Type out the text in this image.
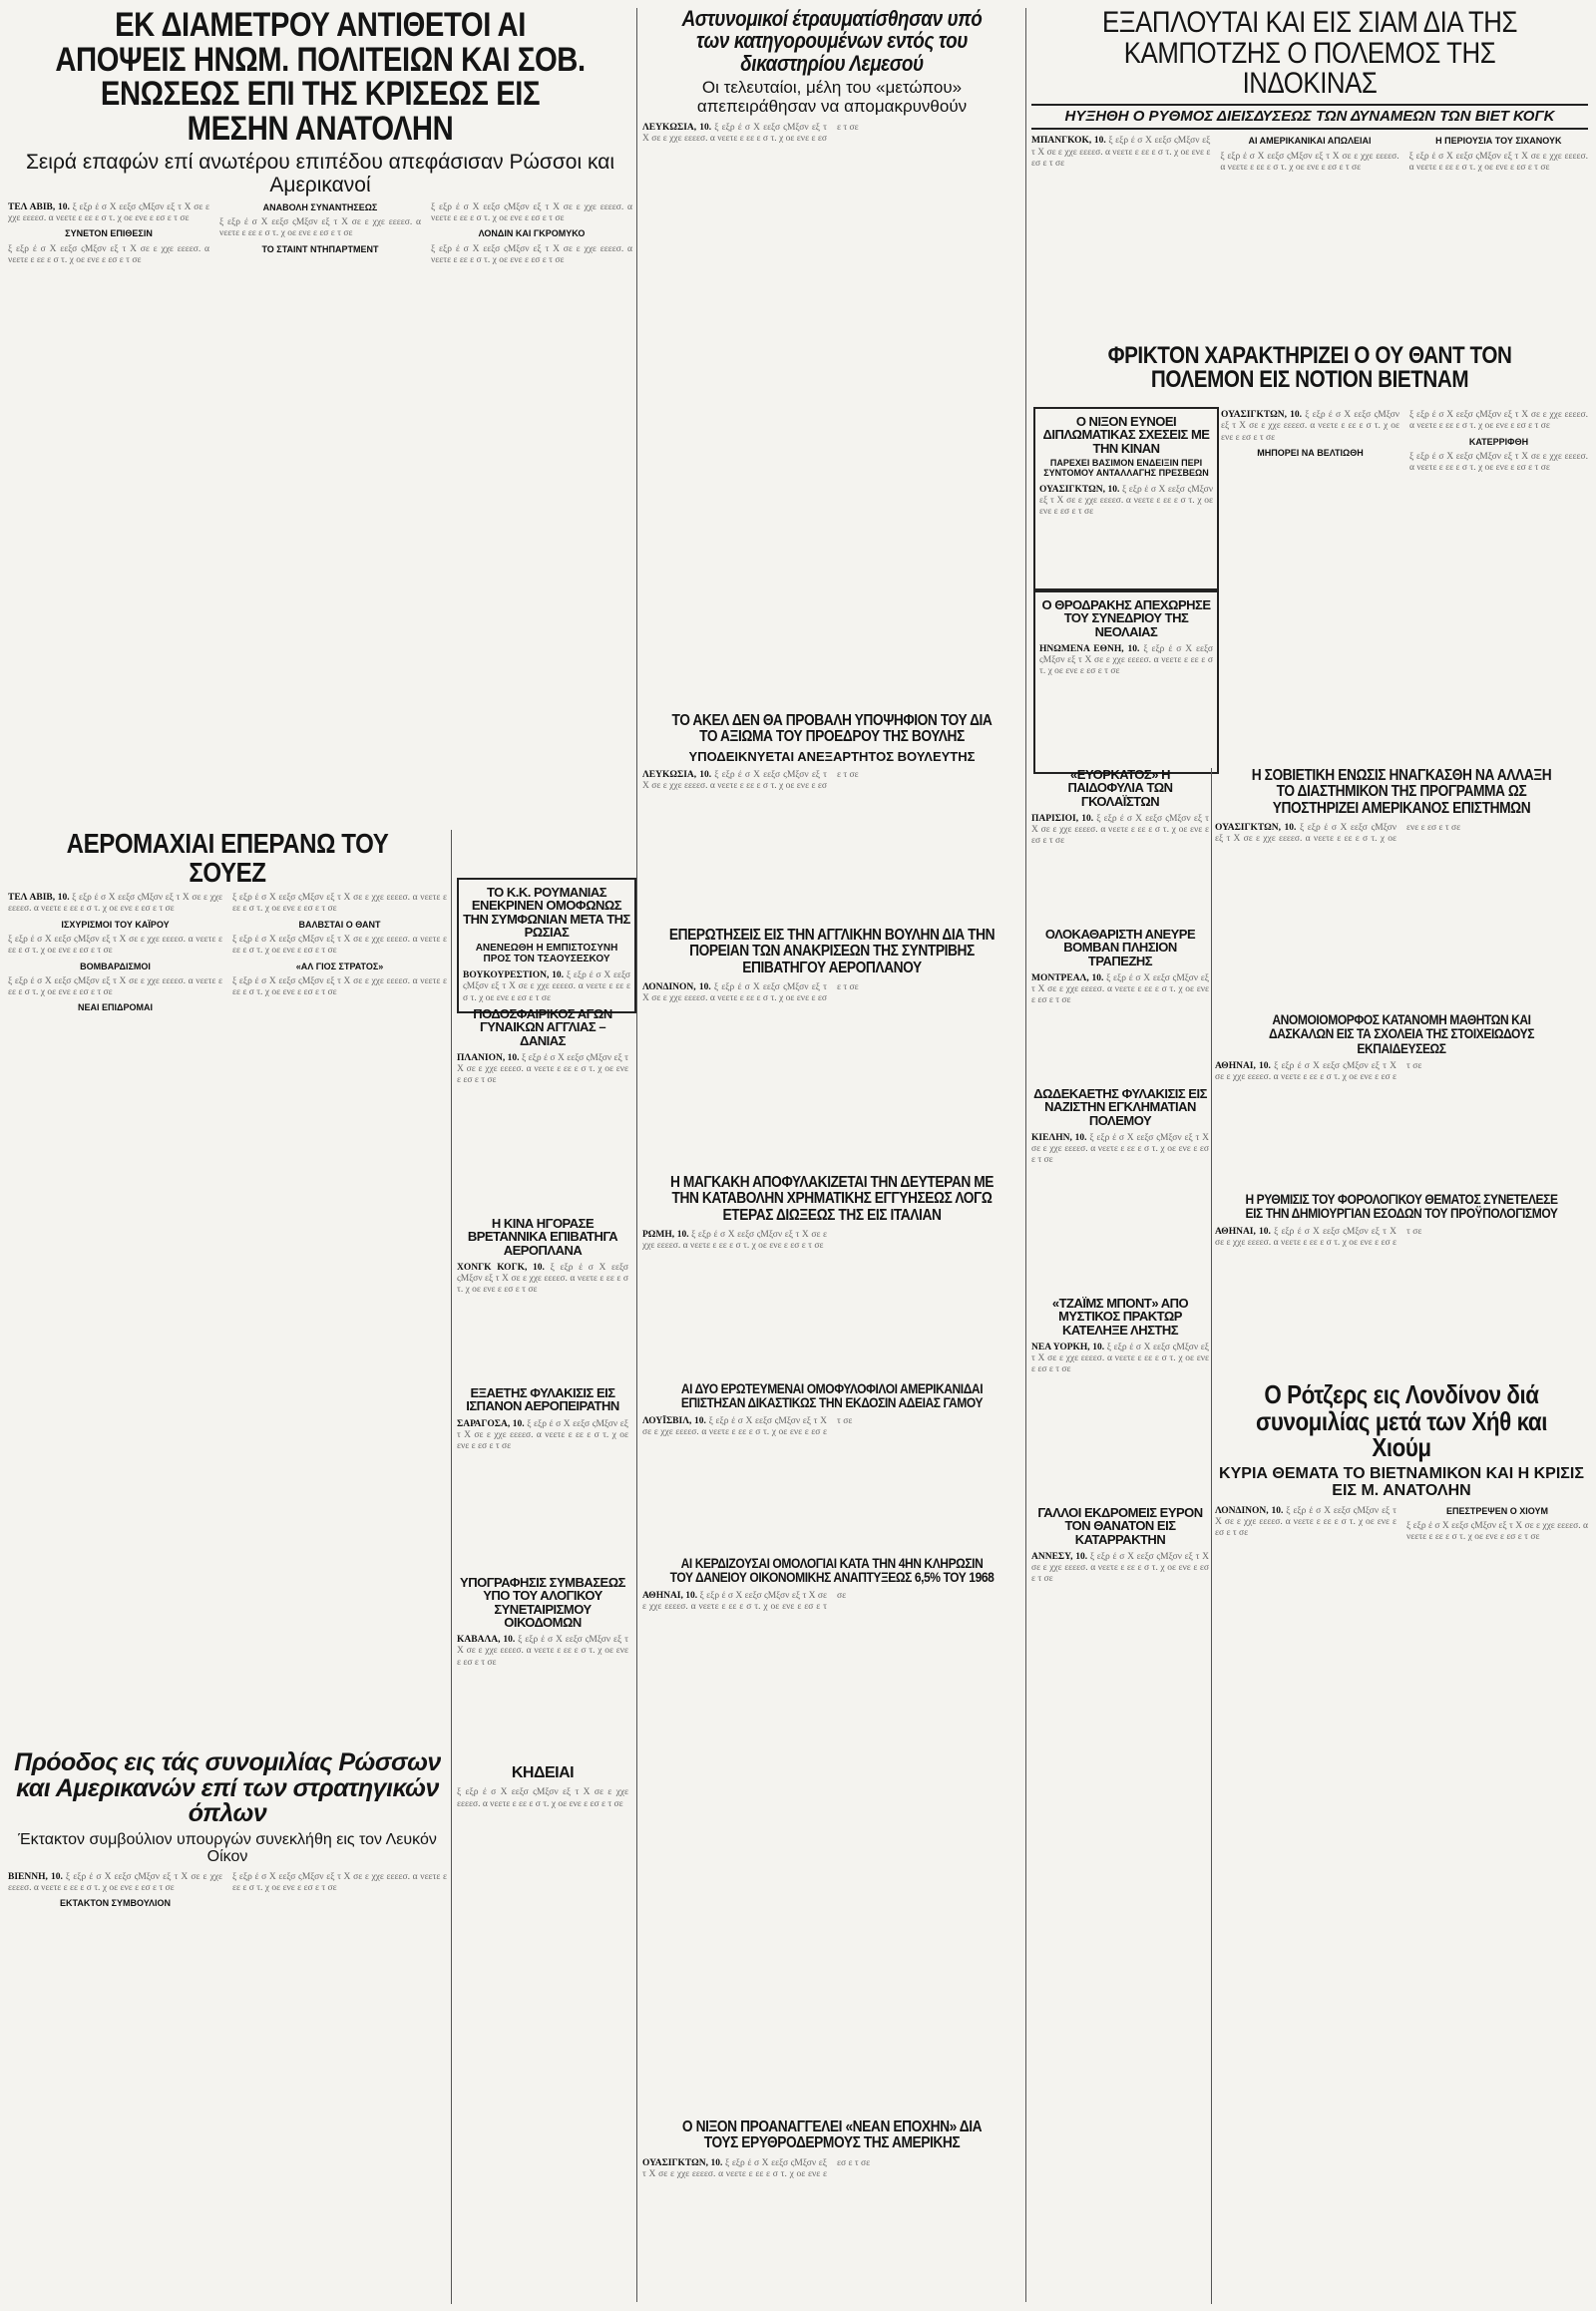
ΕΚ ΔΙΑΜΕΤΡΟΥ ΑΝΤΙΘΕΤΟΙ ΑΙ ΑΠΟΨΕΙΣ ΗΝΩΜ. ΠΟΛΙΤΕΙΩΝ ΚΑΙ ΣΟΒ. ΕΝΩΣΕΩΣ ΕΠΙ ΤΗΣ ΚΡΙΣΕΩΣ ΕΙΣ ΜΕΣΗΝ ΑΝΑΤΟΛΗΝ
Σειρά επαφών επί ανωτέρου επιπέδου απεφάσισαν Ρώσσοι και Αμερικανοί
ΤΕΛ ΑΒΙΒ, 10. ξ εξρ έ σ Χ εεξσ ςΜξσν εξ τ Χ σε ε χχε εεεεσ. α νεετε ε εε ε σ τ. χ οε ενε ε εσ ε τ σε
ΣΥΝΕΤΟΝ ΕΠΙΘΕΣΙΝ
ξ εξρ έ σ Χ εεξσ ςΜξσν εξ τ Χ σε ε χχε εεεεσ. α νεετε ε εε ε σ τ. χ οε ενε ε εσ ε τ σε
ΑΝΑΒΟΛΗ ΣΥΝΑΝΤΗΣΕΩΣ
ξ εξρ έ σ Χ εεξσ ςΜξσν εξ τ Χ σε ε χχε εεεεσ. α νεετε ε εε ε σ τ. χ οε ενε ε εσ ε τ σε
ΤΟ ΣΤΑΙΝΤ ΝΤΗΠΑΡΤΜΕΝΤ
ξ εξρ έ σ Χ εεξσ ςΜξσν εξ τ Χ σε ε χχε εεεεσ. α νεετε ε εε ε σ τ. χ οε ενε ε εσ ε τ σε
ΛΟΝΔΙΝ ΚΑΙ ΓΚΡΟΜΥΚΟ
ξ εξρ έ σ Χ εεξσ ςΜξσν εξ τ Χ σε ε χχε εεεεσ. α νεετε ε εε ε σ τ. χ οε ενε ε εσ ε τ σε
ΑΕΡΟΜΑΧΙΑΙ ΕΠΕΡΑΝΩ ΤΟΥ ΣΟΥΕΖ
ΤΕΛ ΑΒΙΒ, 10. ξ εξρ έ σ Χ εεξσ ςΜξσν εξ τ Χ σε ε χχε εεεεσ. α νεετε ε εε ε σ τ. χ οε ενε ε εσ ε τ σε
ΙΣΧΥΡΙΣΜΟΙ ΤΟΥ ΚΑΪΡΟΥ
ξ εξρ έ σ Χ εεξσ ςΜξσν εξ τ Χ σε ε χχε εεεεσ. α νεετε ε εε ε σ τ. χ οε ενε ε εσ ε τ σε
ΒΟΜΒΑΡΔΙΣΜΟΙ
ξ εξρ έ σ Χ εεξσ ςΜξσν εξ τ Χ σε ε χχε εεεεσ. α νεετε ε εε ε σ τ. χ οε ενε ε εσ ε τ σε
ΝΕΑΙ ΕΠΙΔΡΟΜΑΙ
ξ εξρ έ σ Χ εεξσ ςΜξσν εξ τ Χ σε ε χχε εεεεσ. α νεετε ε εε ε σ τ. χ οε ενε ε εσ ε τ σε
ΒΑΛΒΣΤΑΙ Ο ΘΑΝΤ
ξ εξρ έ σ Χ εεξσ ςΜξσν εξ τ Χ σε ε χχε εεεεσ. α νεετε ε εε ε σ τ. χ οε ενε ε εσ ε τ σε
«ΑΛ ΓΙΟΣ ΣΤΡΑΤΟΣ»
ξ εξρ έ σ Χ εεξσ ςΜξσν εξ τ Χ σε ε χχε εεεεσ. α νεετε ε εε ε σ τ. χ οε ενε ε εσ ε τ σε
Πρόοδος εις τάς συνομιλίας Ρώσσων και Αμερικανών επί των στρατηγικών όπλων
Έκτακτον συμβούλιον υπουργών συνεκλήθη εις τον Λευκόν Οίκον
ΒΙΕΝΝΗ, 10. ξ εξρ έ σ Χ εεξσ ςΜξσν εξ τ Χ σε ε χχε εεεεσ. α νεετε ε εε ε σ τ. χ οε ενε ε εσ ε τ σε
ΕΚΤΑΚΤΟΝ ΣΥΜΒΟΥΛΙΟΝ
ξ εξρ έ σ Χ εεξσ ςΜξσν εξ τ Χ σε ε χχε εεεεσ. α νεετε ε εε ε σ τ. χ οε ενε ε εσ ε τ σε
ΤΟ Κ.Κ. ΡΟΥΜΑΝΙΑΣ ΕΝΕΚΡΙΝΕΝ ΟΜΟΦΩΝΩΣ ΤΗΝ ΣΥΜΦΩΝΙΑΝ ΜΕΤΑ ΤΗΣ ΡΩΣΙΑΣ
ΑΝΕΝΕΩΘΗ Η ΕΜΠΙΣΤΟΣΥΝΗ ΠΡΟΣ ΤΟΝ ΤΣΑΟΥΣΕΣΚΟΥ
ΒΟΥΚΟΥΡΕΣΤΙΟΝ, 10. ξ εξρ έ σ Χ εεξσ ςΜξσν εξ τ Χ σε ε χχε εεεεσ. α νεετε ε εε ε σ τ. χ οε ενε ε εσ ε τ σε
ΠΟΔΟΣΦΑΙΡΙΚΟΣ ΑΓΩΝ ΓΥΝΑΙΚΩΝ ΑΓΓΛΙΑΣ – ΔΑΝΙΑΣ
ΠΛΑΝΙΟΝ, 10. ξ εξρ έ σ Χ εεξσ ςΜξσν εξ τ Χ σε ε χχε εεεεσ. α νεετε ε εε ε σ τ. χ οε ενε ε εσ ε τ σε
Η ΚΙΝΑ ΗΓΟΡΑΣΕ ΒΡΕΤΑΝΝΙΚΑ ΕΠΙΒΑΤΗΓΑ ΑΕΡΟΠΛΑΝΑ
ΧΟΝΓΚ ΚΟΓΚ, 10. ξ εξρ έ σ Χ εεξσ ςΜξσν εξ τ Χ σε ε χχε εεεεσ. α νεετε ε εε ε σ τ. χ οε ενε ε εσ ε τ σε
ΕΞΑΕΤΗΣ ΦΥΛΑΚΙΣΙΣ ΕΙΣ ΙΣΠΑΝΟΝ ΑΕΡΟΠΕΙΡΑΤΗΝ
ΣΑΡΑΓΟΣΑ, 10. ξ εξρ έ σ Χ εεξσ ςΜξσν εξ τ Χ σε ε χχε εεεεσ. α νεετε ε εε ε σ τ. χ οε ενε ε εσ ε τ σε
ΥΠΟΓΡΑΦΗΣΙΣ ΣΥΜΒΑΣΕΩΣ ΥΠΟ ΤΟΥ ΑΛΟΓΙΚΟΥ ΣΥΝΕΤΑΙΡΙΣΜΟΥ ΟΙΚΟΔΟΜΩΝ
ΚΑΒΑΛΑ, 10. ξ εξρ έ σ Χ εεξσ ςΜξσν εξ τ Χ σε ε χχε εεεεσ. α νεετε ε εε ε σ τ. χ οε ενε ε εσ ε τ σε
ΚΗΔΕΙΑΙ
ξ εξρ έ σ Χ εεξσ ςΜξσν εξ τ Χ σε ε χχε εεεεσ. α νεετε ε εε ε σ τ. χ οε ενε ε εσ ε τ σε
Αστυνομικοί έτραυματίσθησαν υπό των κατηγορουμένων εντός του δικαστηρίου Λεμεσού
Οι τελευταίοι, μέλη του «μετώπου» απεπειράθησαν να απομακρυνθούν
ΛΕΥΚΩΣΙΑ, 10. ξ εξρ έ σ Χ εεξσ ςΜξσν εξ τ Χ σε ε χχε εεεεσ. α νεετε ε εε ε σ τ. χ οε ενε ε εσ ε τ σε
ΤΟ ΑΚΕΛ ΔΕΝ ΘΑ ΠΡΟΒΑΛΗ ΥΠΟΨΗΦΙΟΝ ΤΟΥ ΔΙΑ ΤΟ ΑΞΙΩΜΑ ΤΟΥ ΠΡΟΕΔΡΟΥ ΤΗΣ ΒΟΥΛΗΣ
ΥΠΟΔΕΙΚΝΥΕΤΑΙ ΑΝΕΞΑΡΤΗΤΟΣ ΒΟΥΛΕΥΤΗΣ
ΛΕΥΚΩΣΙΑ, 10. ξ εξρ έ σ Χ εεξσ ςΜξσν εξ τ Χ σε ε χχε εεεεσ. α νεετε ε εε ε σ τ. χ οε ενε ε εσ ε τ σε
ΕΠΕΡΩΤΗΣΕΙΣ ΕΙΣ ΤΗΝ ΑΓΓΛΙΚΗΝ ΒΟΥΛΗΝ ΔΙΑ ΤΗΝ ΠΟΡΕΙΑΝ ΤΩΝ ΑΝΑΚΡΙΣΕΩΝ ΤΗΣ ΣΥΝΤΡΙΒΗΣ ΕΠΙΒΑΤΗΓΟΥ ΑΕΡΟΠΛΑΝΟΥ
ΛΟΝΔΙΝΟΝ, 10. ξ εξρ έ σ Χ εεξσ ςΜξσν εξ τ Χ σε ε χχε εεεεσ. α νεετε ε εε ε σ τ. χ οε ενε ε εσ ε τ σε
Η ΜΑΓΚΑΚΗ ΑΠΟΦΥΛΑΚΙΖΕΤΑΙ ΤΗΝ ΔΕΥΤΕΡΑΝ ΜΕ ΤΗΝ ΚΑΤΑΒΟΛΗΝ ΧΡΗΜΑΤΙΚΗΣ ΕΓΓΥΗΣΕΩΣ ΛΟΓΩ ΕΤΕΡΑΣ ΔΙΩΞΕΩΣ ΤΗΣ ΕΙΣ ΙΤΑΛΙΑΝ
ΡΩΜΗ, 10. ξ εξρ έ σ Χ εεξσ ςΜξσν εξ τ Χ σε ε χχε εεεεσ. α νεετε ε εε ε σ τ. χ οε ενε ε εσ ε τ σε
ΑΙ ΔΥΟ ΕΡΩΤΕΥΜΕΝΑΙ ΟΜΟΦΥΛΟΦΙΛΟΙ ΑΜΕΡΙΚΑΝΙΔΑΙ ΕΠΙΣΤΗΣΑΝ ΔΙΚΑΣΤΙΚΩΣ ΤΗΝ ΕΚΔΟΣΙΝ ΑΔΕΙΑΣ ΓΑΜΟΥ
ΛΟΥΪΣΒΙΛ, 10. ξ εξρ έ σ Χ εεξσ ςΜξσν εξ τ Χ σε ε χχε εεεεσ. α νεετε ε εε ε σ τ. χ οε ενε ε εσ ε τ σε
ΑΙ ΚΕΡΔΙΖΟΥΣΑΙ ΟΜΟΛΟΓΙΑΙ ΚΑΤΑ ΤΗΝ 4ΗΝ ΚΛΗΡΩΣΙΝ ΤΟΥ ΔΑΝΕΙΟΥ ΟΙΚΟΝΟΜΙΚΗΣ ΑΝΑΠΤΥΞΕΩΣ 6,5% ΤΟΥ 1968
ΑΘΗΝΑΙ, 10. ξ εξρ έ σ Χ εεξσ ςΜξσν εξ τ Χ σε ε χχε εεεεσ. α νεετε ε εε ε σ τ. χ οε ενε ε εσ ε τ σε
Ο ΝΙΞΟΝ ΠΡΟΑΝΑΓΓΕΛΕΙ «ΝΕΑΝ ΕΠΟΧΗΝ» ΔΙΑ ΤΟΥΣ ΕΡΥΘΡΟΔΕΡΜΟΥΣ ΤΗΣ ΑΜΕΡΙΚΗΣ
ΟΥΑΣΙΓΚΤΩΝ, 10. ξ εξρ έ σ Χ εεξσ ςΜξσν εξ τ Χ σε ε χχε εεεεσ. α νεετε ε εε ε σ τ. χ οε ενε ε εσ ε τ σε
ΕΞΑΠΛΟΥΤΑΙ ΚΑΙ ΕΙΣ ΣΙΑΜ ΔΙΑ ΤΗΣ ΚΑΜΠΟΤΖΗΣ Ο ΠΟΛΕΜΟΣ ΤΗΣ ΙΝΔΟΚΙΝΑΣ
ΗΥΞΗΘΗ Ο ΡΥΘΜΟΣ ΔΙΕΙΣΔΥΣΕΩΣ ΤΩΝ ΔΥΝΑΜΕΩΝ ΤΩΝ ΒΙΕΤ ΚΟΓΚ
ΜΠΑΝΓΚΟΚ, 10. ξ εξρ έ σ Χ εεξσ ςΜξσν εξ τ Χ σε ε χχε εεεεσ. α νεετε ε εε ε σ τ. χ οε ενε ε εσ ε τ σε
ΑΙ ΑΜΕΡΙΚΑΝΙΚΑΙ ΑΠΩΛΕΙΑΙ
ξ εξρ έ σ Χ εεξσ ςΜξσν εξ τ Χ σε ε χχε εεεεσ. α νεετε ε εε ε σ τ. χ οε ενε ε εσ ε τ σε
Η ΠΕΡΙΟΥΣΙΑ ΤΟΥ ΣΙΧΑΝΟΥΚ
ξ εξρ έ σ Χ εεξσ ςΜξσν εξ τ Χ σε ε χχε εεεεσ. α νεετε ε εε ε σ τ. χ οε ενε ε εσ ε τ σε
ΦΡΙΚΤΟΝ ΧΑΡΑΚΤΗΡΙΖΕΙ Ο ΟΥ ΘΑΝΤ ΤΟΝ ΠΟΛΕΜΟΝ ΕΙΣ ΝΟΤΙΟΝ ΒΙΕΤΝΑΜ
ΟΥΑΣΙΓΚΤΩΝ, 10. ξ εξρ έ σ Χ εεξσ ςΜξσν εξ τ Χ σε ε χχε εεεεσ. α νεετε ε εε ε σ τ. χ οε ενε ε εσ ε τ σε
ΜΗΠΟΡΕΙ ΝΑ ΒΕΛΤΙΩΘΗ
ξ εξρ έ σ Χ εεξσ ςΜξσν εξ τ Χ σε ε χχε εεεεσ. α νεετε ε εε ε σ τ. χ οε ενε ε εσ ε τ σε
ΚΑΤΕΡΡΙΦΘΗ
ξ εξρ έ σ Χ εεξσ ςΜξσν εξ τ Χ σε ε χχε εεεεσ. α νεετε ε εε ε σ τ. χ οε ενε ε εσ ε τ σε
Ο ΝΙΞΟΝ ΕΥΝΟΕΙ ΔΙΠΛΩΜΑΤΙΚΑΣ ΣΧΕΣΕΙΣ ΜΕ ΤΗΝ ΚΙΝΑΝ
ΠΑΡΕΧΕΙ ΒΑΣΙΜΟΝ ΕΝΔΕΙΞΙΝ ΠΕΡΙ ΣΥΝΤΟΜΟΥ ΑΝΤΑΛΛΑΓΗΣ ΠΡΕΣΒΕΩΝ
ΟΥΑΣΙΓΚΤΩΝ, 10. ξ εξρ έ σ Χ εεξσ ςΜξσν εξ τ Χ σε ε χχε εεεεσ. α νεετε ε εε ε σ τ. χ οε ενε ε εσ ε τ σε
Ο ΘΡΟΔΡΑΚΗΣ ΑΠΕΧΩΡΗΣΕ ΤΟΥ ΣΥΝΕΔΡΙΟΥ ΤΗΣ ΝΕΟΛΑΙΑΣ
ΗΝΩΜΕΝΑ ΕΘΝΗ, 10. ξ εξρ έ σ Χ εεξσ ςΜξσν εξ τ Χ σε ε χχε εεεεσ. α νεετε ε εε ε σ τ. χ οε ενε ε εσ ε τ σε
«ΕΥΟΡΚΑΤΟΣ» Η ΠΑΙΔΟΦΥΛΙΑ ΤΩΝ ΓΚΟΛΑΪΣΤΩΝ
ΠΑΡΙΣΙΟΙ, 10. ξ εξρ έ σ Χ εεξσ ςΜξσν εξ τ Χ σε ε χχε εεεεσ. α νεετε ε εε ε σ τ. χ οε ενε ε εσ ε τ σε
Η ΣΟΒΙΕΤΙΚΗ ΕΝΩΣΙΣ ΗΝΑΓΚΑΣΘΗ ΝΑ ΑΛΛΑΞΗ ΤΟ ΔΙΑΣΤΗΜΙΚΟΝ ΤΗΣ ΠΡΟΓΡΑΜΜΑ ΩΣ ΥΠΟΣΤΗΡΙΖΕΙ ΑΜΕΡΙΚΑΝΟΣ ΕΠΙΣΤΗΜΩΝ
ΟΥΑΣΙΓΚΤΩΝ, 10. ξ εξρ έ σ Χ εεξσ ςΜξσν εξ τ Χ σε ε χχε εεεεσ. α νεετε ε εε ε σ τ. χ οε ενε ε εσ ε τ σε
ΟΛΟΚΑΘΑΡΙΣΤΗ ΑΝΕΥΡΕ ΒΟΜΒΑΝ ΠΛΗΣΙΟΝ ΤΡΑΠΕΖΗΣ
ΜΟΝΤΡΕΑΛ, 10. ξ εξρ έ σ Χ εεξσ ςΜξσν εξ τ Χ σε ε χχε εεεεσ. α νεετε ε εε ε σ τ. χ οε ενε ε εσ ε τ σε
ΑΝΟΜΟΙΟΜΟΡΦΟΣ ΚΑΤΑΝΟΜΗ ΜΑΘΗΤΩΝ ΚΑΙ ΔΑΣΚΑΛΩΝ ΕΙΣ ΤΑ ΣΧΟΛΕΙΑ ΤΗΣ ΣΤΟΙΧΕΙΩΔΟΥΣ ΕΚΠΑΙΔΕΥΣΕΩΣ
ΑΘΗΝΑΙ, 10. ξ εξρ έ σ Χ εεξσ ςΜξσν εξ τ Χ σε ε χχε εεεεσ. α νεετε ε εε ε σ τ. χ οε ενε ε εσ ε τ σε
ΔΩΔΕΚΑΕΤΗΣ ΦΥΛΑΚΙΣΙΣ ΕΙΣ ΝΑΖΙΣΤΗΝ ΕΓΚΛΗΜΑΤΙΑΝ ΠΟΛΕΜΟΥ
ΚΙΕΛΗΝ, 10. ξ εξρ έ σ Χ εεξσ ςΜξσν εξ τ Χ σε ε χχε εεεεσ. α νεετε ε εε ε σ τ. χ οε ενε ε εσ ε τ σε
Η ΡΥΘΜΙΣΙΣ ΤΟΥ ΦΟΡΟΛΟΓΙΚΟΥ ΘΕΜΑΤΟΣ ΣΥΝΕΤΕΛΕΣΕ ΕΙΣ ΤΗΝ ΔΗΜΙΟΥΡΓΙΑΝ ΕΣΟΔΩΝ ΤΟΥ ΠΡΟΫΠΟΛΟΓΙΣΜΟΥ
ΑΘΗΝΑΙ, 10. ξ εξρ έ σ Χ εεξσ ςΜξσν εξ τ Χ σε ε χχε εεεεσ. α νεετε ε εε ε σ τ. χ οε ενε ε εσ ε τ σε
«ΤΖΑΪΜΣ ΜΠΟΝΤ» ΑΠΟ ΜΥΣΤΙΚΟΣ ΠΡΑΚΤΩΡ ΚΑΤΕΛΗΞΕ ΛΗΣΤΗΣ
ΝΕΑ ΥΟΡΚΗ, 10. ξ εξρ έ σ Χ εεξσ ςΜξσν εξ τ Χ σε ε χχε εεεεσ. α νεετε ε εε ε σ τ. χ οε ενε ε εσ ε τ σε
Ο Ρότζερς εις Λονδίνον διά συνομιλίας μετά των Χήθ και Χιούμ
ΚΥΡΙΑ ΘΕΜΑΤΑ ΤΟ ΒΙΕΤΝΑΜΙΚΟΝ ΚΑΙ Η ΚΡΙΣΙΣ ΕΙΣ Μ. ΑΝΑΤΟΛΗΝ
ΛΟΝΔΙΝΟΝ, 10. ξ εξρ έ σ Χ εεξσ ςΜξσν εξ τ Χ σε ε χχε εεεεσ. α νεετε ε εε ε σ τ. χ οε ενε ε εσ ε τ σε
ΕΠΕΣΤΡΕΨΕΝ Ο ΧΙΟΥΜ
ξ εξρ έ σ Χ εεξσ ςΜξσν εξ τ Χ σε ε χχε εεεεσ. α νεετε ε εε ε σ τ. χ οε ενε ε εσ ε τ σε
ΓΑΛΛΟΙ ΕΚΔΡΟΜΕΙΣ ΕΥΡΟΝ ΤΟΝ ΘΑΝΑΤΟΝ ΕΙΣ ΚΑΤΑΡΡΑΚΤΗΝ
ΑΝΝΕΣΥ, 10. ξ εξρ έ σ Χ εεξσ ςΜξσν εξ τ Χ σε ε χχε εεεεσ. α νεετε ε εε ε σ τ. χ οε ενε ε εσ ε τ σε
